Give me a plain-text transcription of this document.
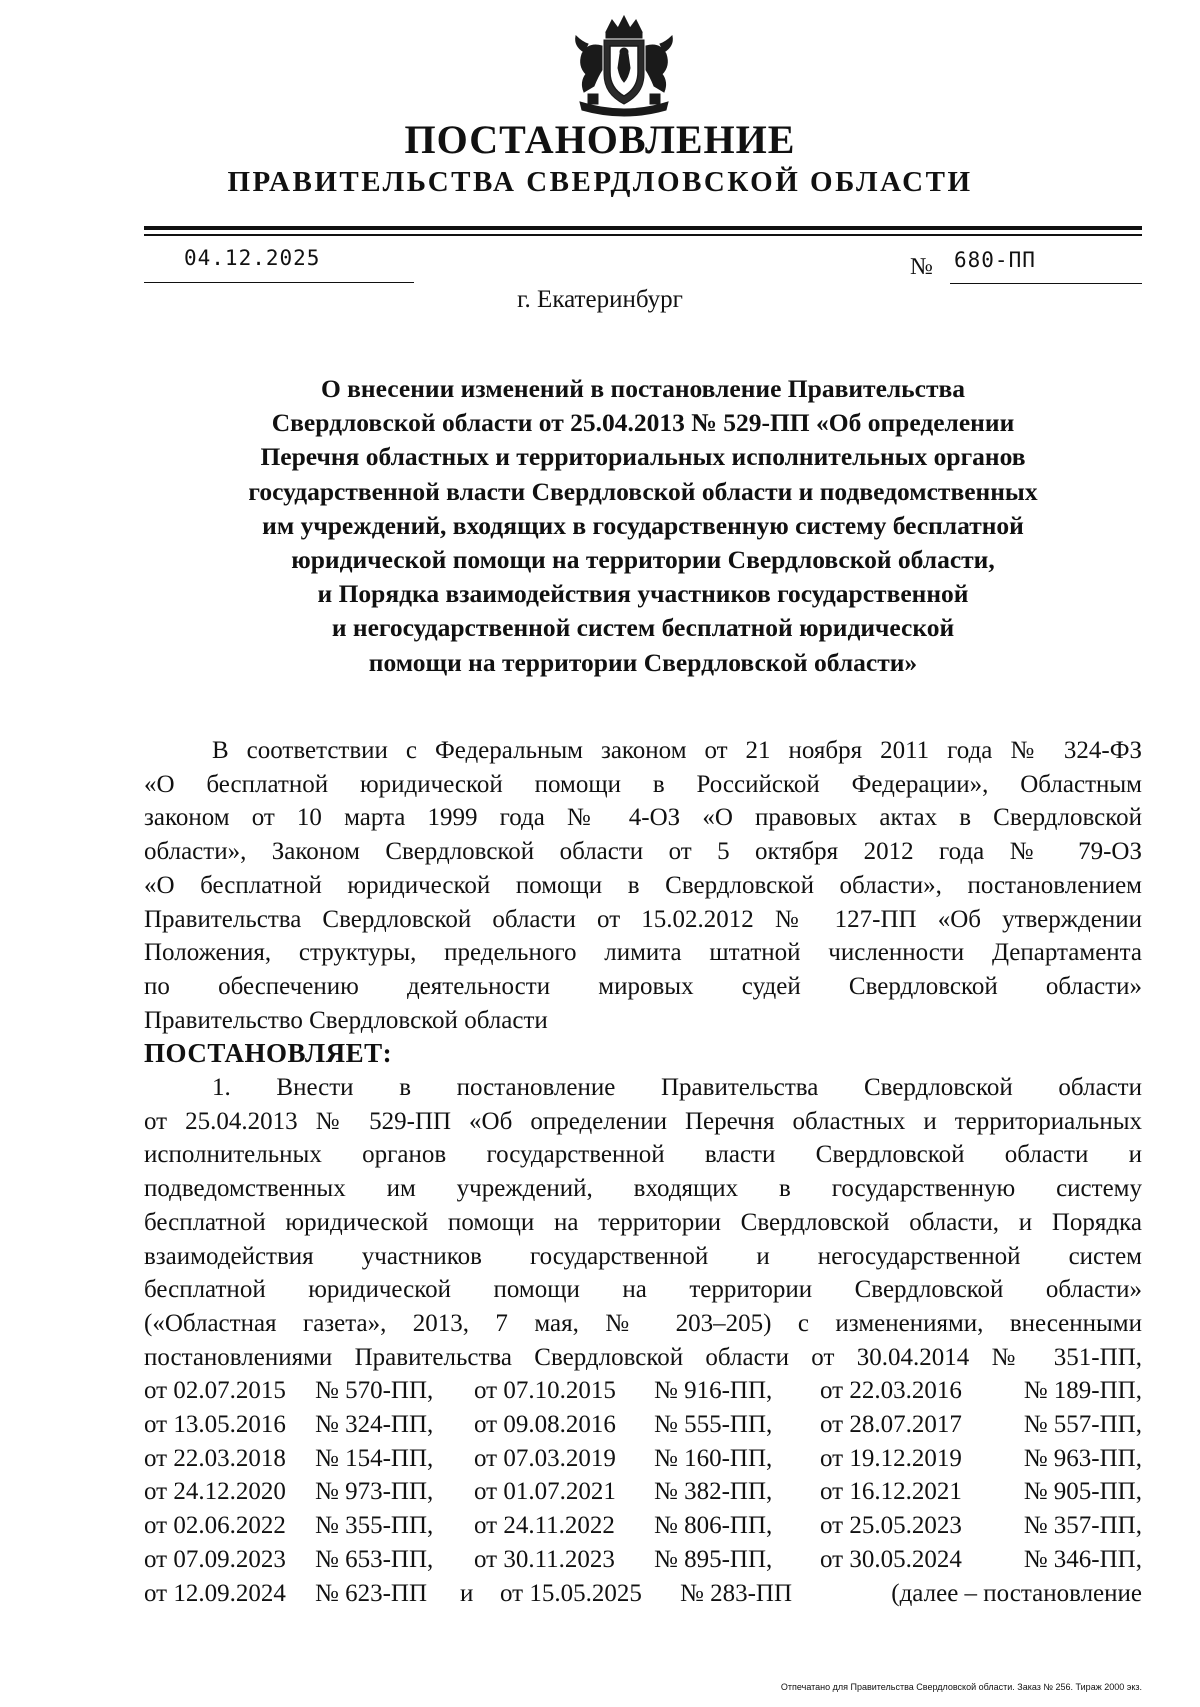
ПОСТАНОВЛЕНИЕ
ПРАВИТЕЛЬСТВА СВЕРДЛОВСКОЙ ОБЛАСТИ
04.12.2025	№ 680-ПП
г. Екатеринбург
О внесении изменений в постановление Правительства
Свердловской области от 25.04.2013 № 529-ПП «Об определении
Перечня областных и территориальных исполнительных органов
государственной власти Свердловской области и подведомственных
им учреждений, входящих в государственную систему бесплатной
юридической помощи на территории Свердловской области,
и Порядка взаимодействия участников государственной
и негосударственной систем бесплатной юридической
помощи на территории Свердловской области»
В соответствии с Федеральным законом от 21 ноября 2011 года № 324-ФЗ
«О бесплатной юридической помощи в Российской Федерации», Областным
законом от 10 марта 1999 года № 4-ОЗ «О правовых актах в Свердловской
области», Законом Свердловской области от 5 октября 2012 года № 79-ОЗ
«О бесплатной юридической помощи в Свердловской области», постановлением
Правительства Свердловской области от 15.02.2012 № 127-ПП «Об утверждении
Положения, структуры, предельного лимита штатной численности Департамента
по обеспечению деятельности мировых судей Свердловской области»
Правительство Свердловской области
ПОСТАНОВЛЯЕТ:
1. Внести в постановление Правительства Свердловской области
от 25.04.2013 № 529-ПП «Об определении Перечня областных и территориальных
исполнительных органов государственной власти Свердловской области и
подведомственных им учреждений, входящих в государственную систему
бесплатной юридической помощи на территории Свердловской области, и Порядка
взаимодействия участников государственной и негосударственной систем
бесплатной юридической помощи на территории Свердловской области»
(«Областная газета», 2013, 7 мая, № 203–205) с изменениями, внесенными
постановлениями Правительства Свердловской области от 30.04.2014 № 351-ПП,
от 02.07.2015	№ 570-ПП,	от 07.10.2015	№ 916-ПП,	от 22.03.2016	№ 189-ПП,
от 13.05.2016	№ 324-ПП,	от 09.08.2016	№ 555-ПП,	от 28.07.2017	№ 557-ПП,
от 22.03.2018	№ 154-ПП,	от 07.03.2019	№ 160-ПП,	от 19.12.2019	№ 963-ПП,
от 24.12.2020	№ 973-ПП,	от 01.07.2021	№ 382-ПП,	от 16.12.2021	№ 905-ПП,
от 02.06.2022	№ 355-ПП,	от 24.11.2022	№ 806-ПП,	от 25.05.2023	№ 357-ПП,
от 07.09.2023	№ 653-ПП,	от 30.11.2023	№ 895-ПП,	от 30.05.2024	№ 346-ПП,
от 12.09.2024	№ 623-ПП	и	от 15.05.2025	№ 283-ПП	(далее – постановление
Отпечатано для Правительства Свердловской области. Заказ № 256. Тираж 2000 экз.
